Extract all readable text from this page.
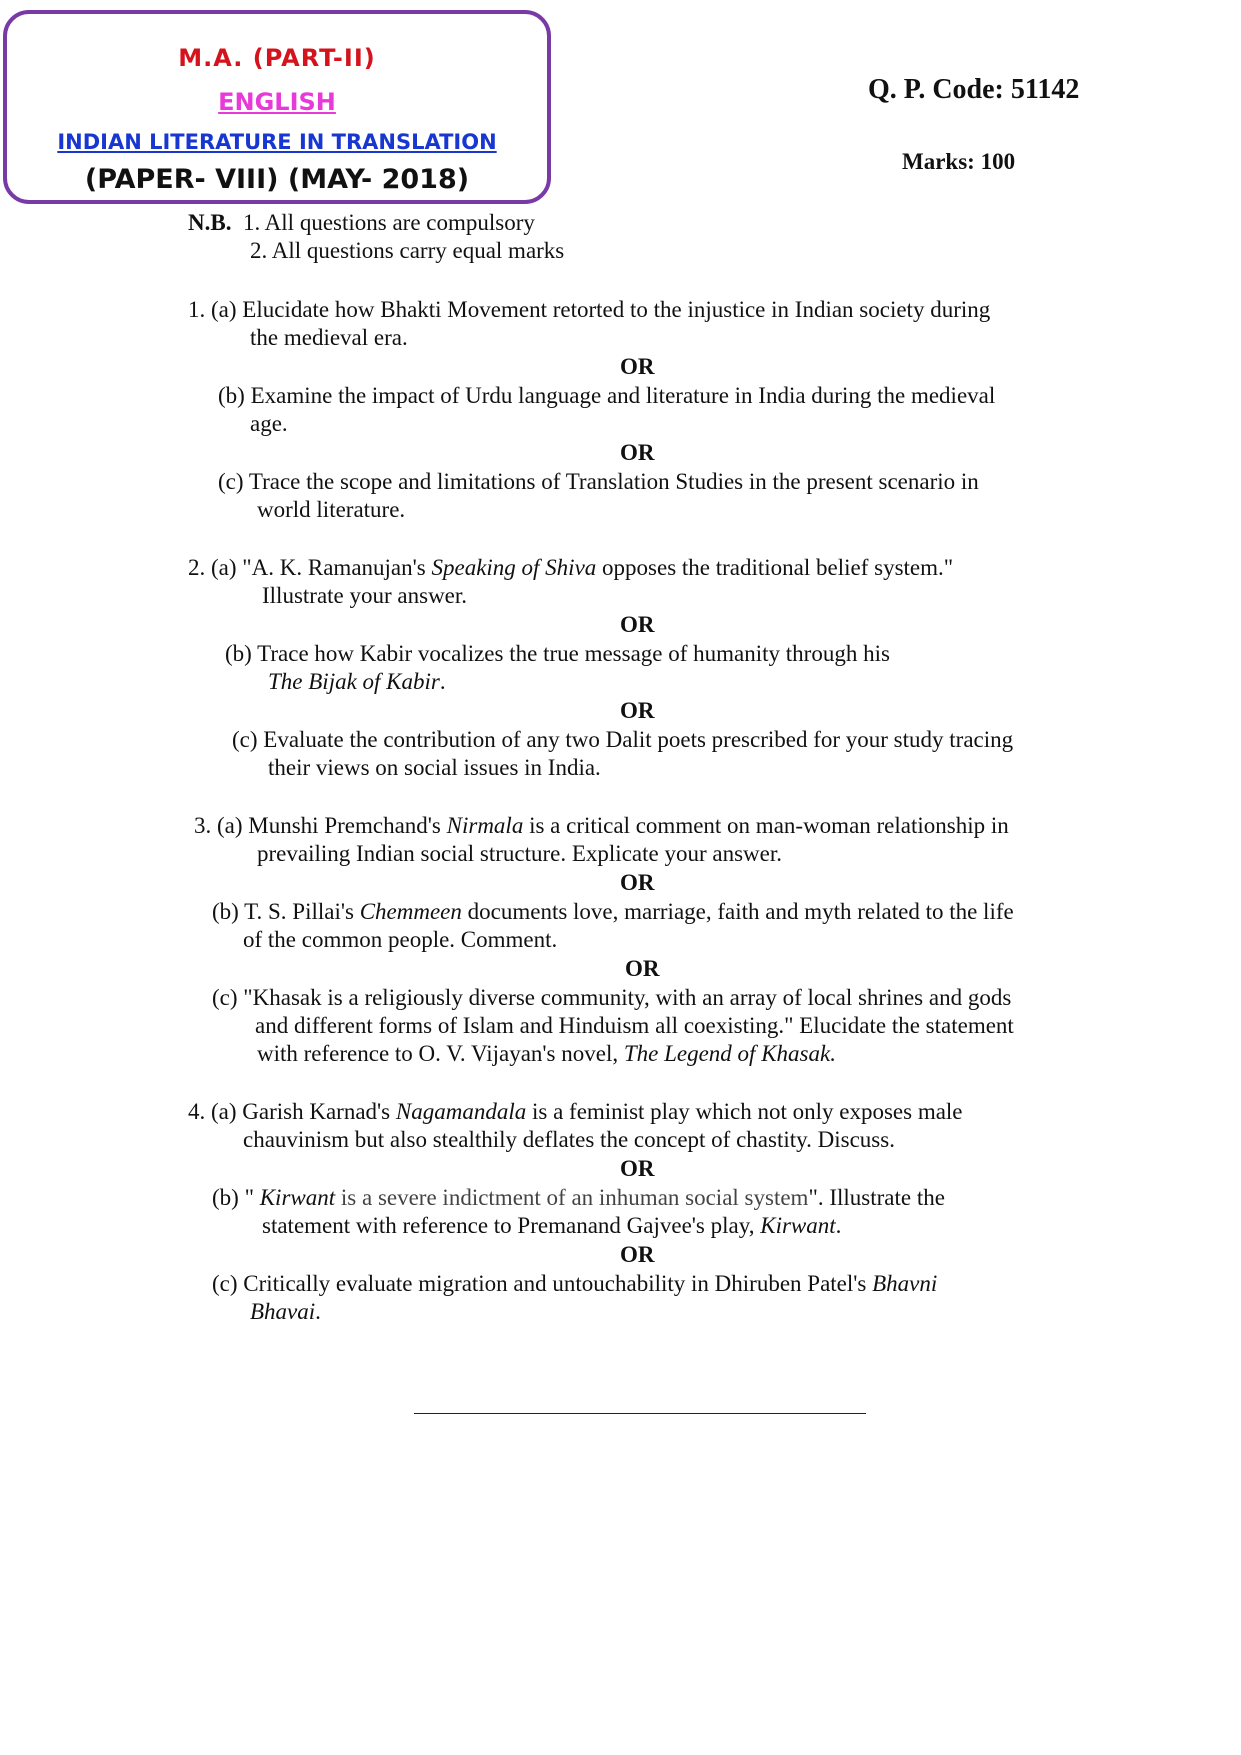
M.A. (PART-II)
ENGLISH
INDIAN LITERATURE IN TRANSLATION
(PAPER- VIII) (MAY- 2018)
Q. P. Code: 51142
Marks: 100
N.B. 1. All questions are compulsory
2. All questions carry equal marks
1. (a) Elucidate how Bhakti Movement retorted to the injustice in Indian society during
the medieval era.
OR
(b) Examine the impact of Urdu language and literature in India during the medieval
age.
OR
(c) Trace the scope and limitations of Translation Studies in the present scenario in
world literature.
2. (a) "A. K. Ramanujan's Speaking of Shiva opposes the traditional belief system."
Illustrate your answer.
OR
(b) Trace how Kabir vocalizes the true message of humanity through his
The Bijak of Kabir.
OR
(c) Evaluate the contribution of any two Dalit poets prescribed for your study tracing
their views on social issues in India.
3. (a) Munshi Premchand's Nirmala is a critical comment on man-woman relationship in
prevailing Indian social structure. Explicate your answer.
OR
(b) T. S. Pillai's Chemmeen documents love, marriage, faith and myth related to the life
of the common people. Comment.
OR
(c) "Khasak is a religiously diverse community, with an array of local shrines and gods
and different forms of Islam and Hinduism all coexisting." Elucidate the statement
with reference to O. V. Vijayan's novel, The Legend of Khasak.
4. (a) Garish Karnad's Nagamandala is a feminist play which not only exposes male
chauvinism but also stealthily deflates the concept of chastity. Discuss.
OR
(b) " Kirwant is a severe indictment of an inhuman social system". Illustrate the
statement with reference to Premanand Gajvee's play, Kirwant.
OR
(c) Critically evaluate migration and untouchability in Dhiruben Patel's Bhavni
Bhavai.
